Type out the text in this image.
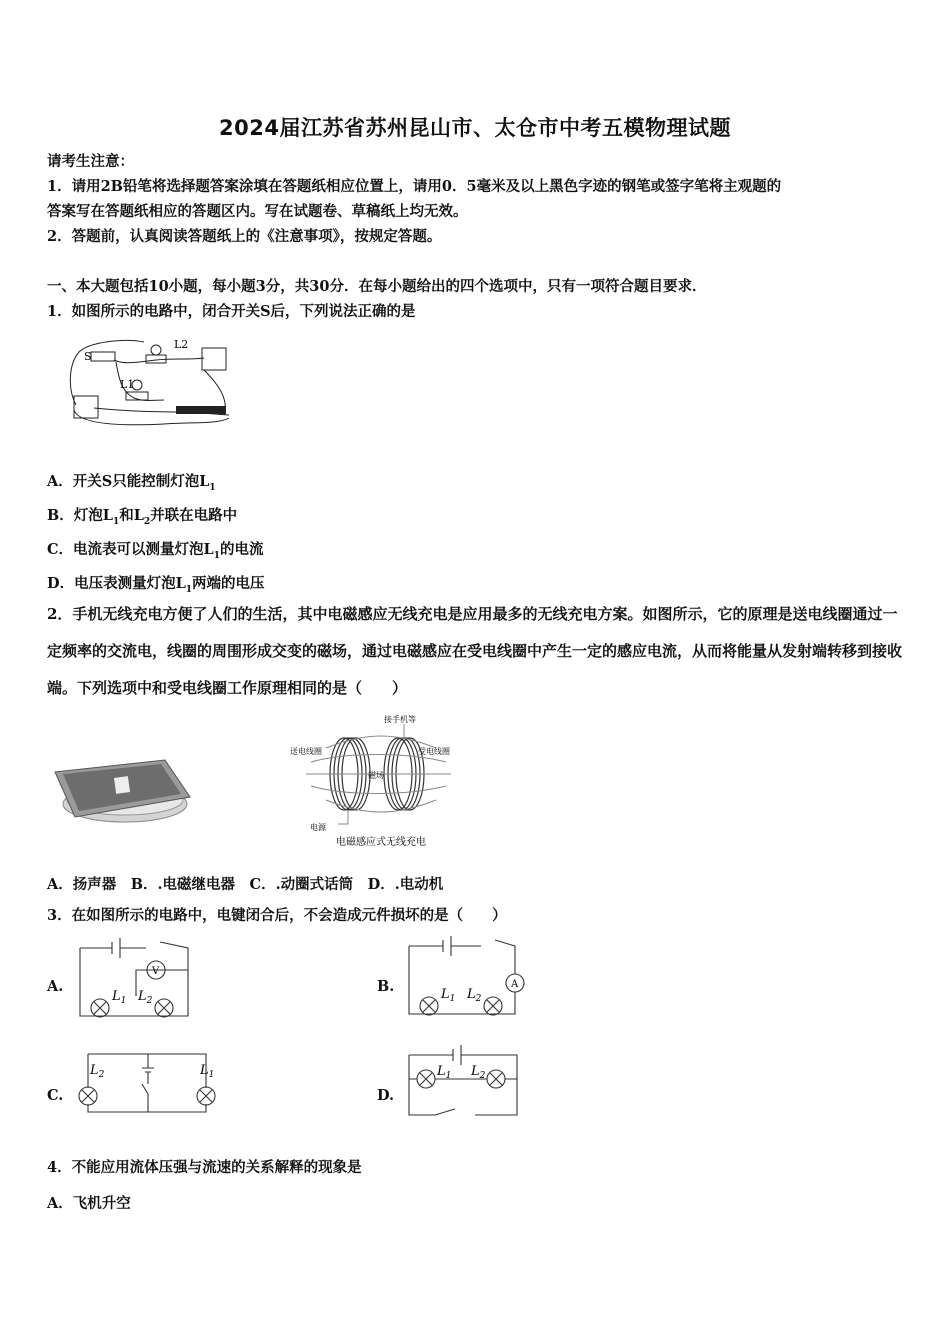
2024届江苏省苏州昆山市、太仓市中考五模物理试题
请考生注意：
1．请用2B铅笔将选择题答案涂填在答题纸相应位置上，请用0．5毫米及以上黑色字迹的钢笔或签字笔将主观题的
答案写在答题纸相应的答题区内。写在试题卷、草稿纸上均无效。
2．答题前，认真阅读答题纸上的《注意事项》，按规定答题。
一、本大题包括10小题，每小题3分，共30分．在每小题给出的四个选项中，只有一项符合题目要求．
1．如图所示的电路中，闭合开关S后，下列说法正确的是
S
L2
L1
A．开关S只能控制灯泡$L_1$
B．灯泡$L_1$和$L_2$并联在电路中
C．电流表可以测量灯泡$L_1$的电流
D．电压表测量灯泡$L_1$两端的电压
2．手机无线充电方便了人们的生活，其中电磁感应无线充电是应用最多的无线充电方案。如图所示，它的原理是送电线圈通过一定频率的交流电，线圈的周围形成交变的磁场，通过电磁感应在受电线圈中产生一定的感应电流，从而将能量从发射端转移到接收端。下列选项中和受电线圈工作原理相同的是（　　）
接手机等
送电线圈	受电线圈
磁场
电源
电磁感应式无线充电
A．扬声器　B．.电磁继电器　C．.动圈式话筒　D．.电动机
3．在如图所示的电路中，电键闭合后，不会造成元件损坏的是（　　）
A.
V
$L_1$ $L_2$
B.	A
$L_1$ $L_2$
C.
$L_2$	$L_1$
D.
$L_1$ $L_2$
4．不能应用流体压强与流速的关系解释的现象是
A．飞机升空
